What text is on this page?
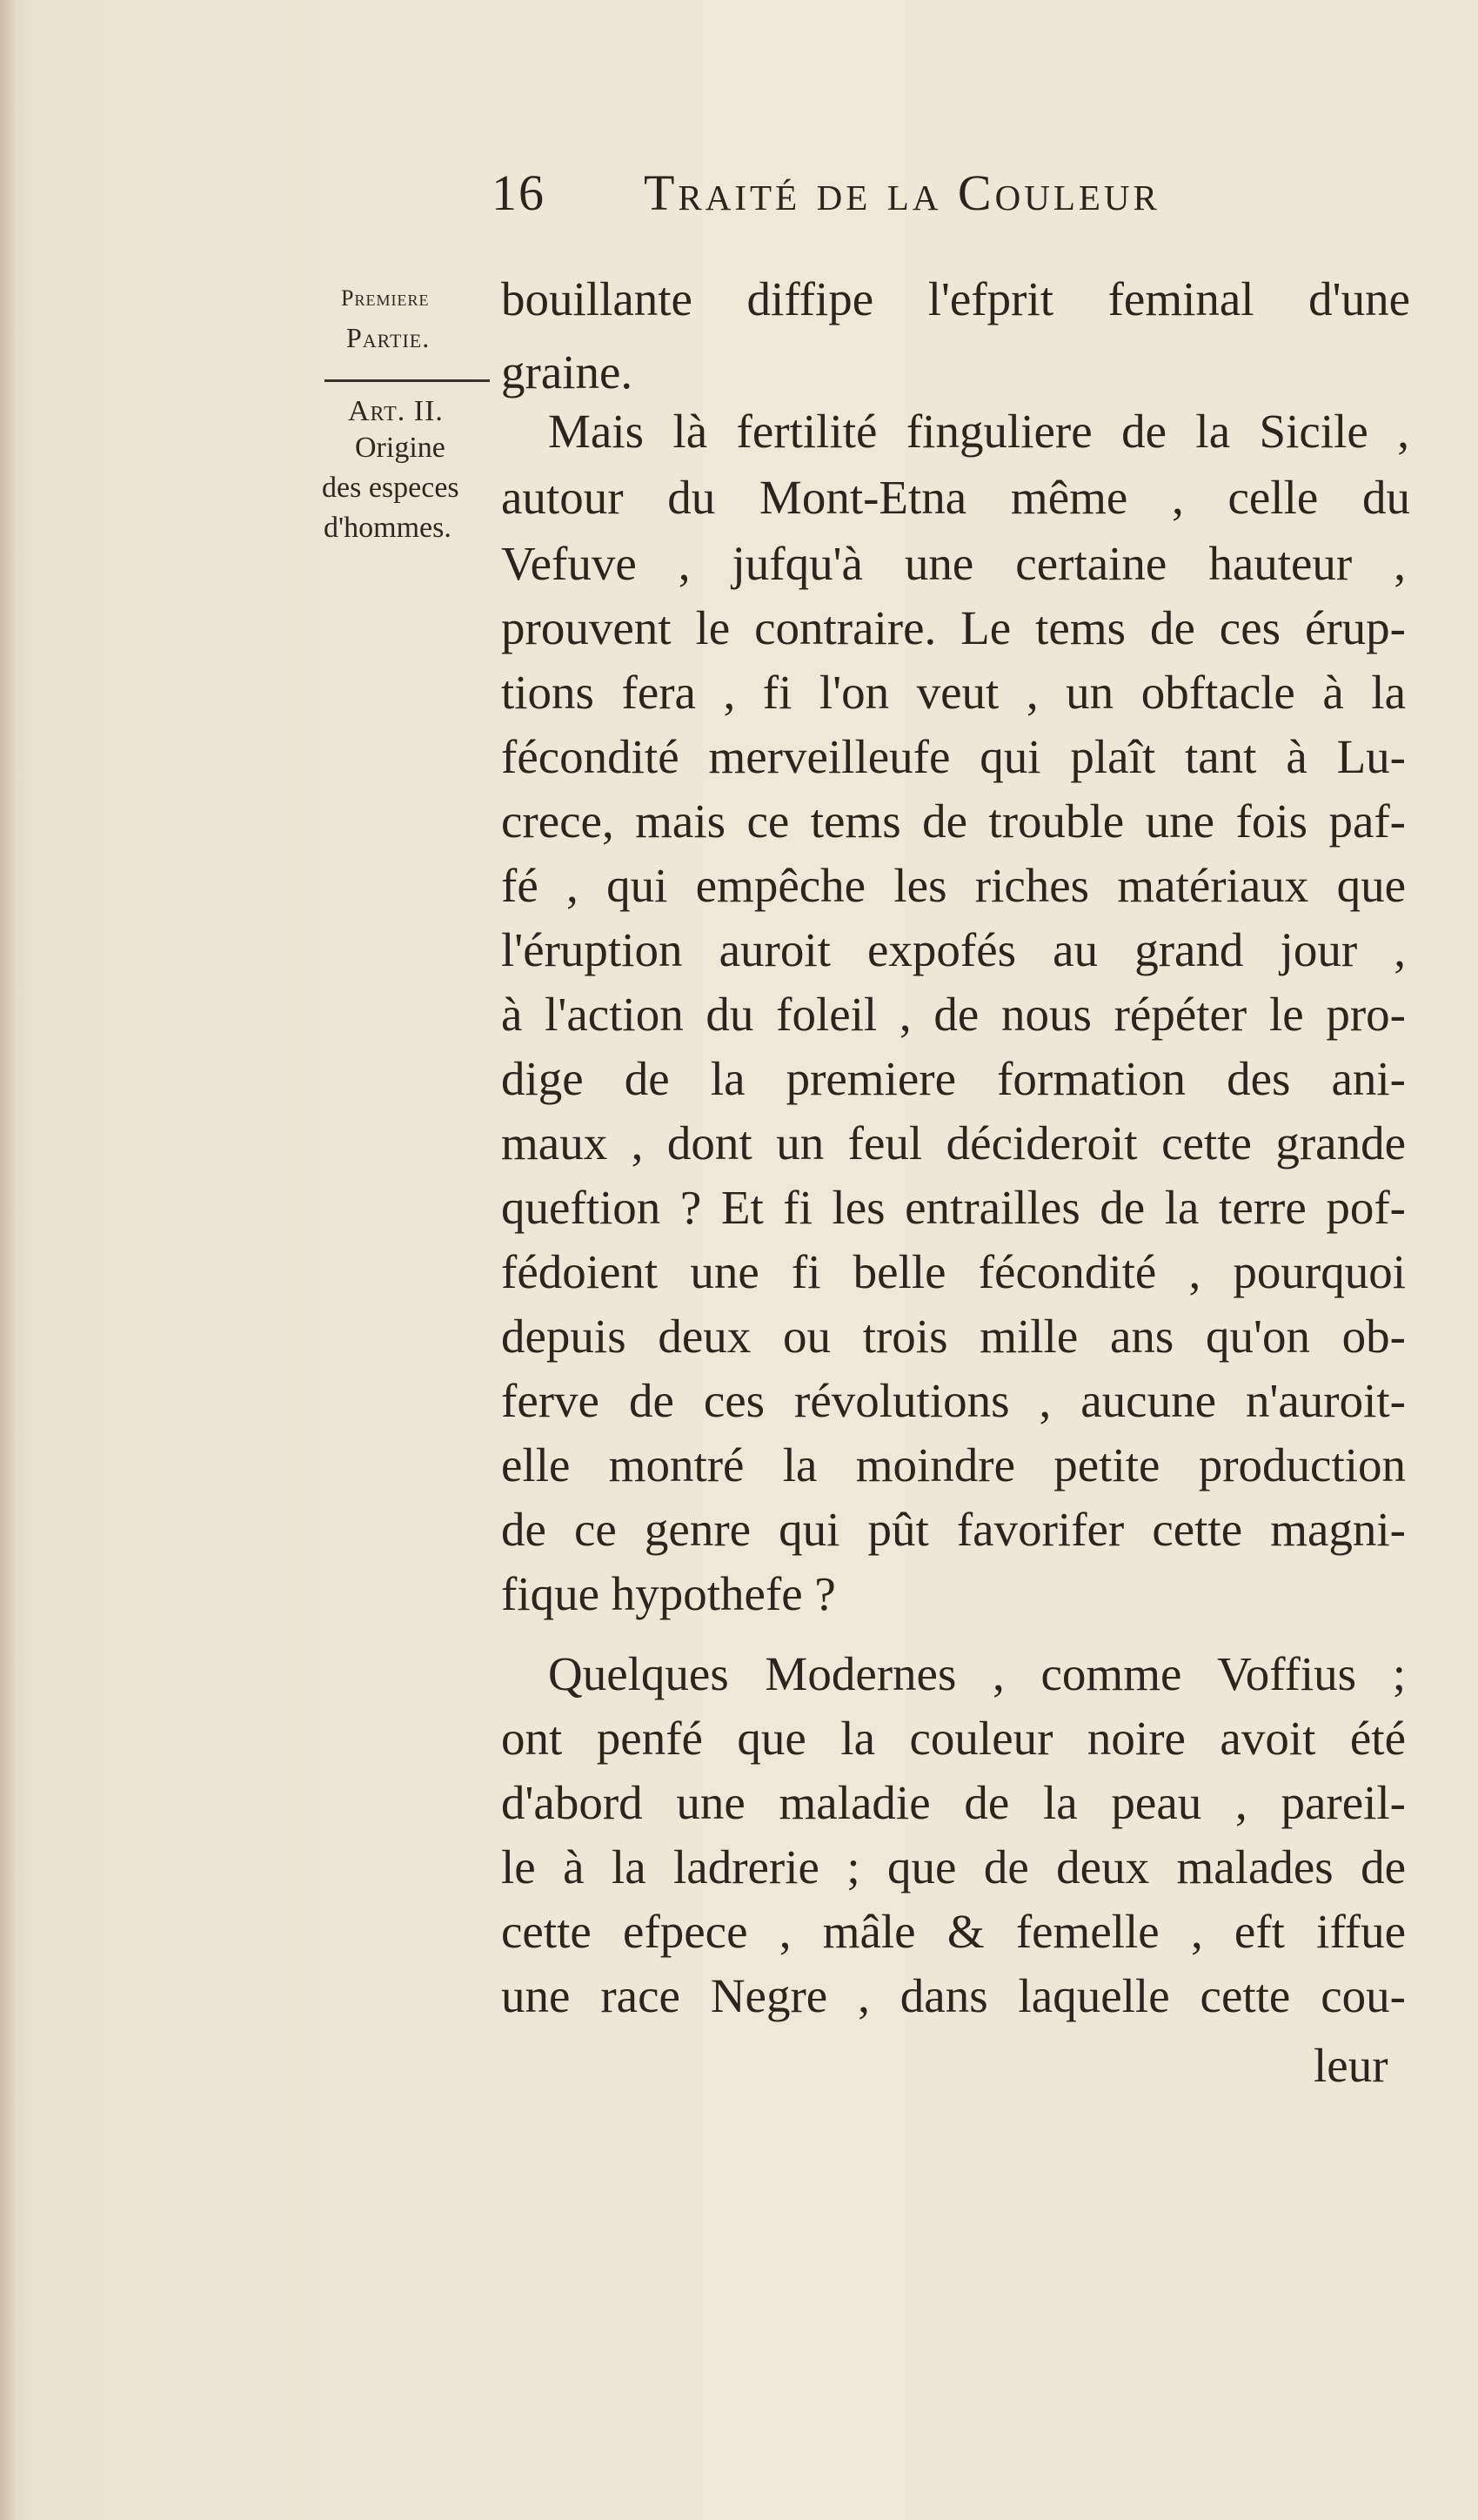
16 Traité de la Couleur
Premiere
Partie.
Art. II.
Origine
des especes
d'hommes.
bouillante diffipe l'efprit feminal d'une
graine.
Mais là fertilité finguliere de la Sicile ,
autour du Mont-Etna même , celle du
Vefuve , jufqu'à une certaine hauteur ,
prouvent le contraire. Le tems de ces érup-
tions fera , fi l'on veut , un obftacle à la
fécondité merveilleufe qui plaît tant à Lu-
crece, mais ce tems de trouble une fois paf-
fé , qui empêche les riches matériaux que
l'éruption auroit expofés au grand jour ,
à l'action du foleil , de nous répéter le pro-
dige de la premiere formation des ani-
maux , dont un feul décideroit cette grande
queftion ? Et fi les entrailles de la terre pof-
fédoient une fi belle fécondité , pourquoi
depuis deux ou trois mille ans qu'on ob-
ferve de ces révolutions , aucune n'auroit-
elle montré la moindre petite production
de ce genre qui pût favorifer cette magni-
fique hypothefe ?
Quelques Modernes , comme Voffius ;
ont penfé que la couleur noire avoit été
d'abord une maladie de la peau , pareil-
le à la ladrerie ; que de deux malades de
cette efpece , mâle & femelle , eft iffue
une race Negre , dans laquelle cette cou-
leur
